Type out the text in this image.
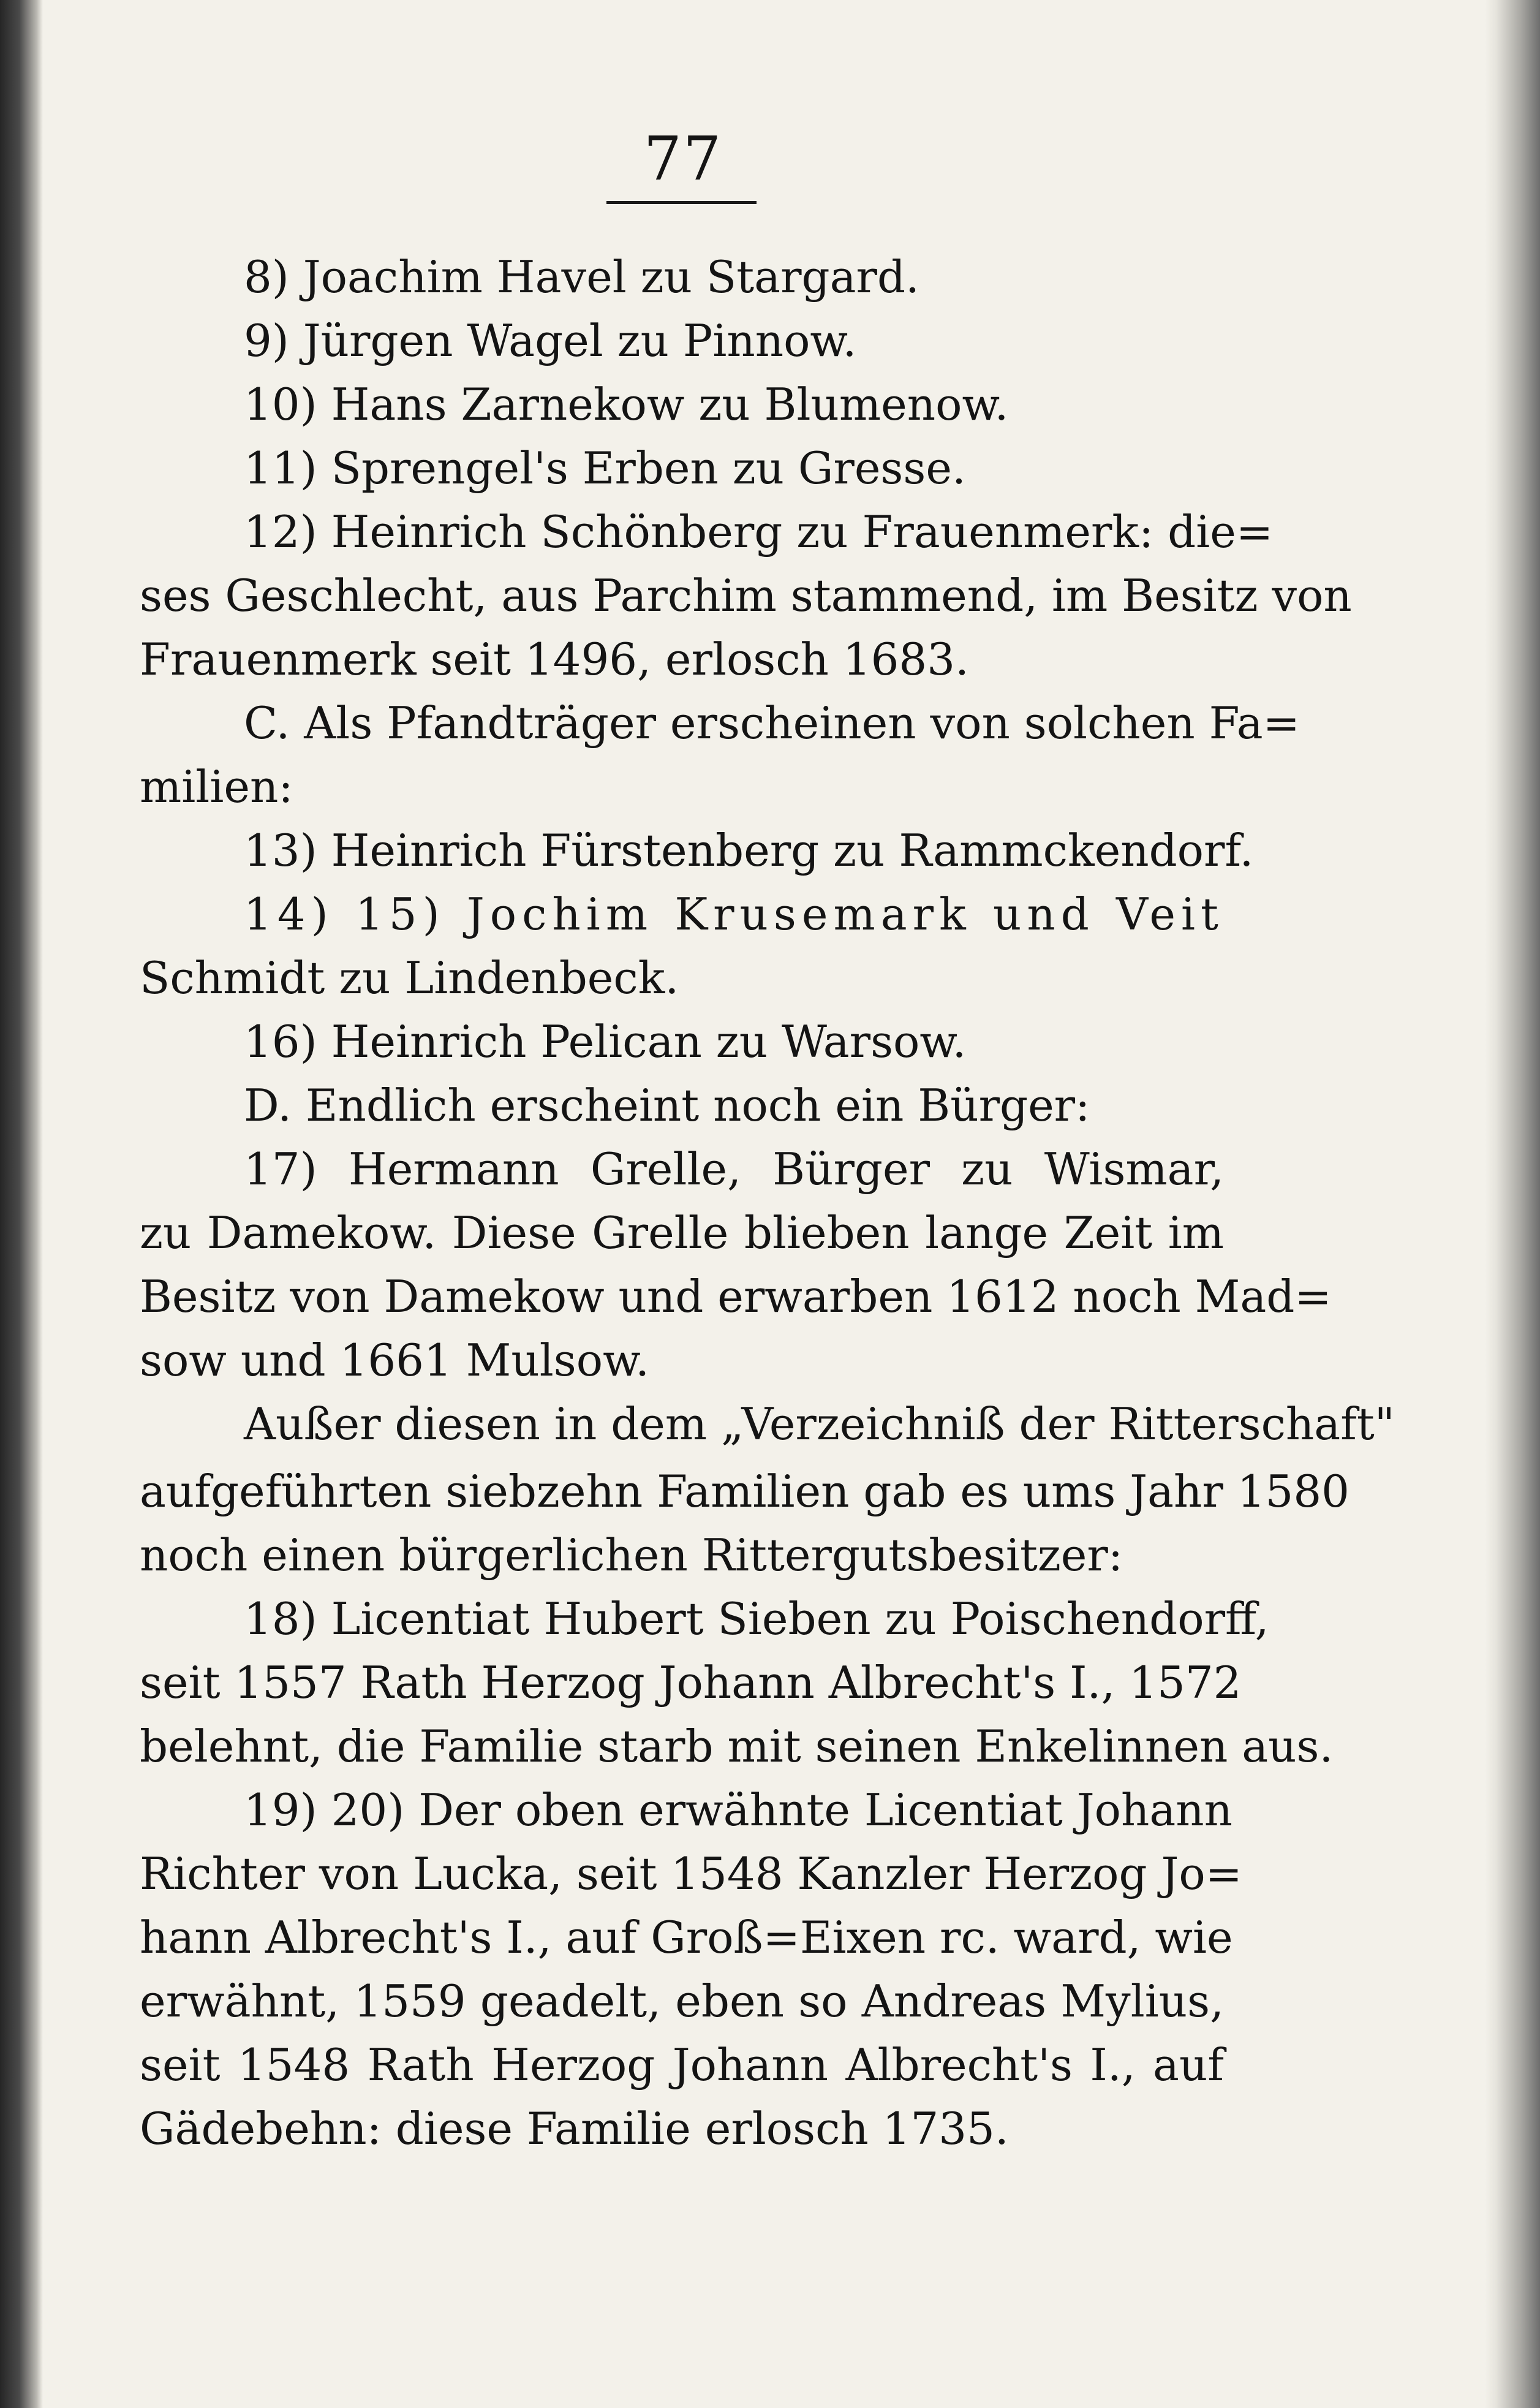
77
8) Joachim Havel zu Stargard.
9) Jürgen Wagel zu Pinnow.
10) Hans Zarnekow zu Blumenow.
11) Sprengel's Erben zu Gresse.
12) Heinrich Schönberg zu Frauenmerk: die=
ses Geschlecht, aus Parchim stammend, im Besitz von
Frauenmerk seit 1496, erlosch 1683.
C. Als Pfandträger erscheinen von solchen Fa=
milien:
13) Heinrich Fürstenberg zu Rammckendorf.
14) 15) Jochim Krusemark und Veit
Schmidt zu Lindenbeck.
16) Heinrich Pelican zu Warsow.
D. Endlich erscheint noch ein Bürger:
17) Hermann Grelle, Bürger zu Wismar,
zu Damekow. Diese Grelle blieben lange Zeit im
Besitz von Damekow und erwarben 1612 noch Mad=
sow und 1661 Mulsow.
Außer diesen in dem „Verzeichniß der Ritterschaft"
aufgeführten siebzehn Familien gab es ums Jahr 1580
noch einen bürgerlichen Rittergutsbesitzer:
18) Licentiat Hubert Sieben zu Poischendorff,
seit 1557 Rath Herzog Johann Albrecht's I., 1572
belehnt, die Familie starb mit seinen Enkelinnen aus.
19) 20) Der oben erwähnte Licentiat Johann
Richter von Lucka, seit 1548 Kanzler Herzog Jo=
hann Albrecht's I., auf Groß=Eixen rc. ward, wie
erwähnt, 1559 geadelt, eben so Andreas Mylius,
seit 1548 Rath Herzog Johann Albrecht's I., auf
Gädebehn: diese Familie erlosch 1735.
